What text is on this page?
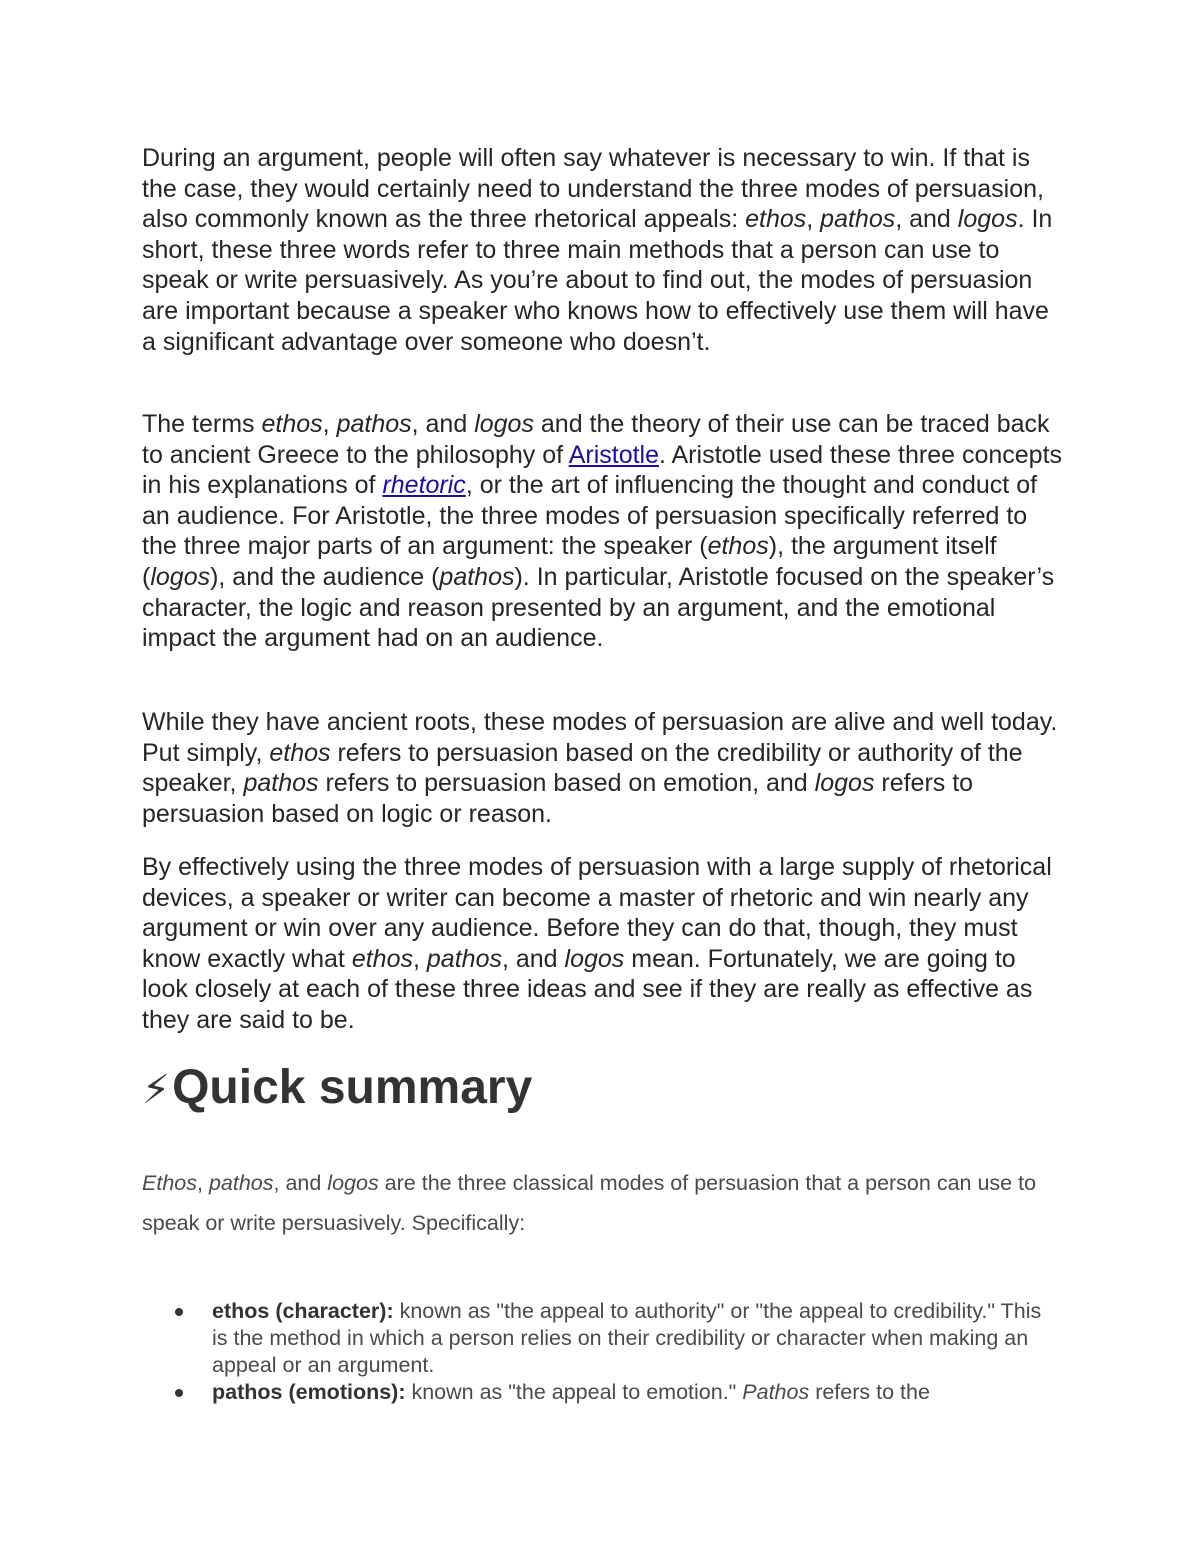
During an argument, people will often say whatever is necessary to win. If that is the case, they would certainly need to understand the three modes of persuasion, also commonly known as the three rhetorical appeals: ethos, pathos, and logos. In short, these three words refer to three main methods that a person can use to speak or write persuasively. As you’re about to find out, the modes of persuasion are important because a speaker who knows how to effectively use them will have a significant advantage over someone who doesn’t.

The terms ethos, pathos, and logos and the theory of their use can be traced back to ancient Greece to the philosophy of Aristotle. Aristotle used these three concepts in his explanations of rhetoric, or the art of influencing the thought and conduct of an audience. For Aristotle, the three modes of persuasion specifically referred to the three major parts of an argument: the speaker (ethos), the argument itself (logos), and the audience (pathos). In particular, Aristotle focused on the speaker’s character, the logic and reason presented by an argument, and the emotional impact the argument had on an audience.

While they have ancient roots, these modes of persuasion are alive and well today. Put simply, ethos refers to persuasion based on the credibility or authority of the speaker, pathos refers to persuasion based on emotion, and logos refers to persuasion based on logic or reason.

By effectively using the three modes of persuasion with a large supply of rhetorical devices, a speaker or writer can become a master of rhetoric and win nearly any argument or win over any audience. Before they can do that, though, they must know exactly what ethos, pathos, and logos mean. Fortunately, we are going to look closely at each of these three ideas and see if they are really as effective as they are said to be.

⚡Quick summary

Ethos, pathos, and logos are the three classical modes of persuasion that a person can use to speak or write persuasively. Specifically:

ethos (character): known as "the appeal to authority" or "the appeal to credibility." This is the method in which a person relies on their credibility or character when making an appeal or an argument.
pathos (emotions): known as "the appeal to emotion." Pathos refers to the
